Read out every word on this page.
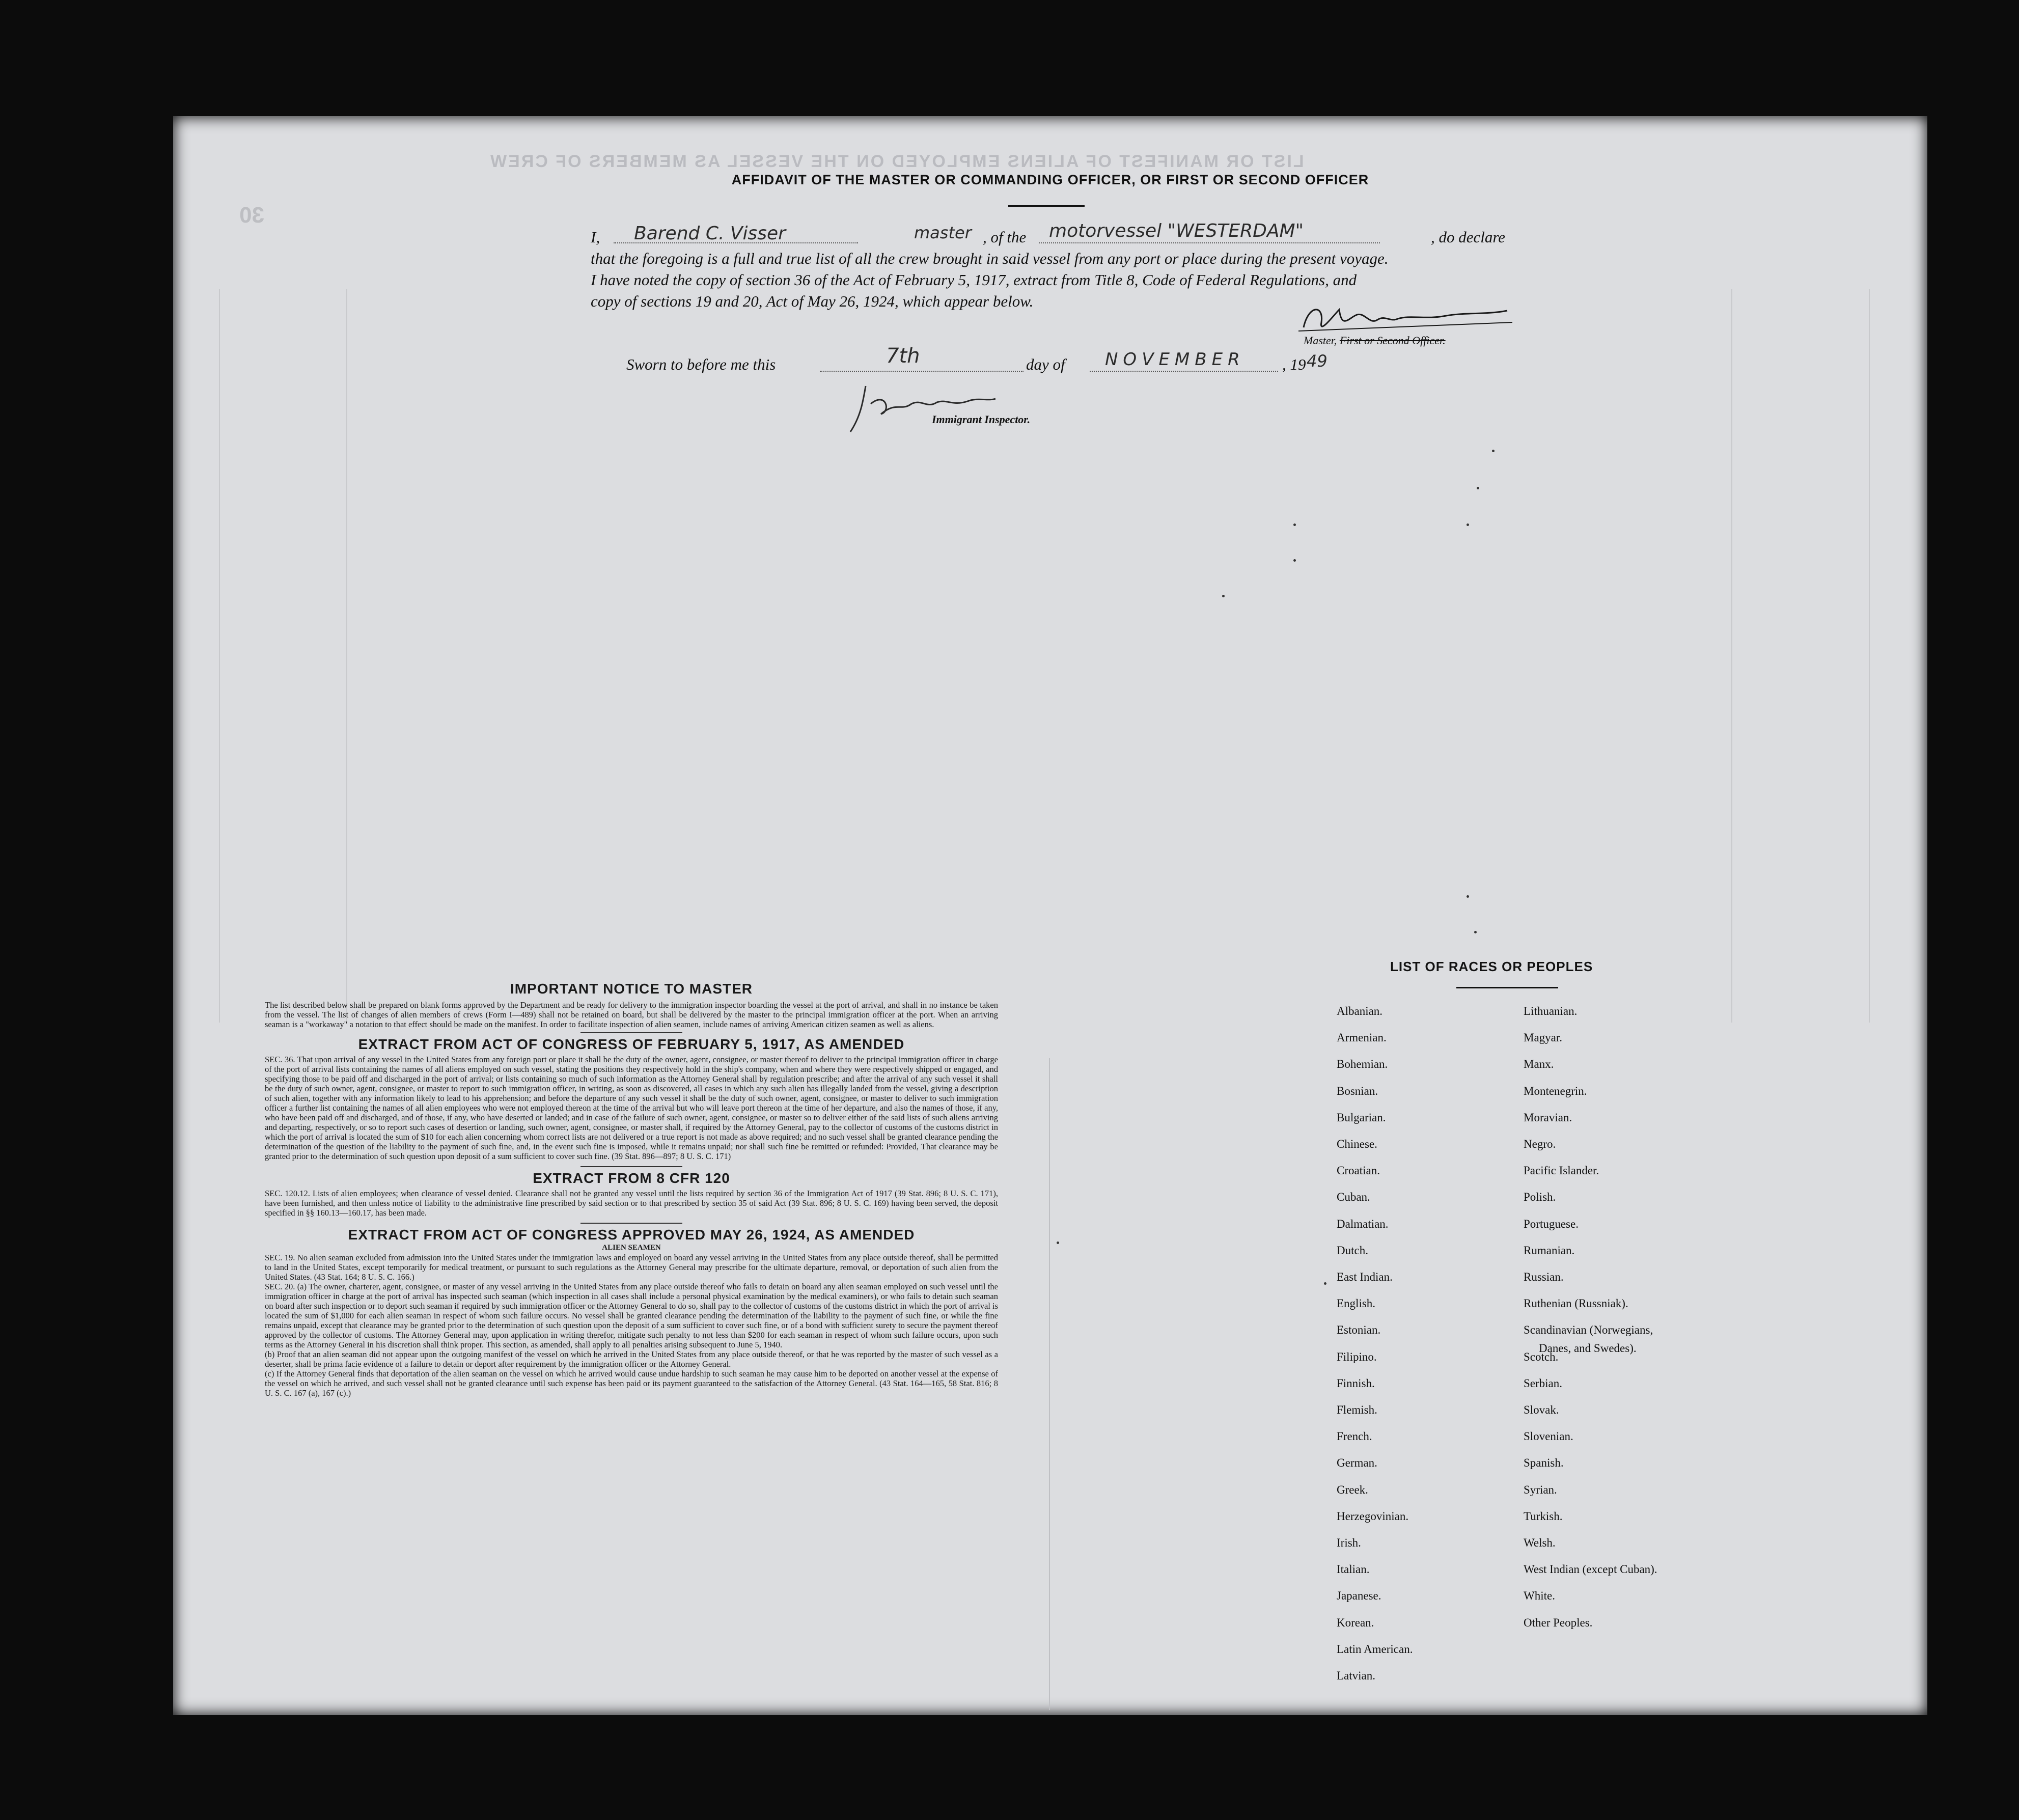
LIST OR MANIFEST OF ALIENS EMPLOYED ON THE VESSEL AS MEMBERS OF CREW
30
AFFIDAVIT OF THE MASTER OR COMMANDING OFFICER, OR FIRST OR SECOND OFFICER
I, Barend C. Visser	master , of the motorvessel "WESTERDAM"	, do declare
that the foregoing is a full and true list of all the crew brought in said vessel from any port or place during the present voyage.
I have noted the copy of section 36 of the Act of February 5, 1917, extract from Title 8, Code of Federal Regulations, and
copy of sections 19 and 20, Act of May 26, 1924, which appear below.
Master, First or Second Officer.
Sworn to before me this	7th	day of NOVEMBER , 19 49
Immigrant Inspector.

IMPORTANT NOTICE TO MASTER

The list described below shall be prepared on blank forms approved by the Department and be ready for delivery to the immigration inspector boarding the vessel at the port of arrival, and shall in no instance be taken from the vessel. The list of changes of alien members of crews (Form I—489) shall not be retained on board, but shall be delivered by the master to the principal immigration officer at the port. When an arriving seaman is a "workaway" a notation to that effect should be made on the manifest. In order to facilitate inspection of alien seamen, include names of arriving American citizen seamen as well as aliens.

EXTRACT FROM ACT OF CONGRESS OF FEBRUARY 5, 1917, AS AMENDED

SEC. 36. That upon arrival of any vessel in the United States from any foreign port or place it shall be the duty of the owner, agent, consignee, or master thereof to deliver to the principal immigration officer in charge of the port of arrival lists containing the names of all aliens employed on such vessel, stating the positions they respectively hold in the ship's company, when and where they were respectively shipped or engaged, and specifying those to be paid off and discharged in the port of arrival; or lists containing so much of such information as the Attorney General shall by regulation prescribe; and after the arrival of any such vessel it shall be the duty of such owner, agent, consignee, or master to report to such immigration officer, in writing, as soon as discovered, all cases in which any such alien has illegally landed from the vessel, giving a description of such alien, together with any information likely to lead to his apprehension; and before the departure of any such vessel it shall be the duty of such owner, agent, consignee, or master to deliver to such immigration officer a further list containing the names of all alien employees who were not employed thereon at the time of the arrival but who will leave port thereon at the time of her departure, and also the names of those, if any, who have been paid off and discharged, and of those, if any, who have deserted or landed; and in case of the failure of such owner, agent, consignee, or master so to deliver either of the said lists of such aliens arriving and departing, respectively, or so to report such cases of desertion or landing, such owner, agent, consignee, or master shall, if required by the Attorney General, pay to the collector of customs of the customs district in which the port of arrival is located the sum of $10 for each alien concerning whom correct lists are not delivered or a true report is not made as above required; and no such vessel shall be granted clearance pending the determination of the question of the liability to the payment of such fine, and, in the event such fine is imposed, while it remains unpaid; nor shall such fine be remitted or refunded: Provided, That clearance may be granted prior to the determination of such question upon deposit of a sum sufficient to cover such fine. (39 Stat. 896—897; 8 U. S. C. 171)

EXTRACT FROM 8 CFR 120

SEC. 120.12. Lists of alien employees; when clearance of vessel denied. Clearance shall not be granted any vessel until the lists required by section 36 of the Immigration Act of 1917 (39 Stat. 896; 8 U. S. C. 171), have been furnished, and then unless notice of liability to the administrative fine prescribed by said section or to that prescribed by section 35 of said Act (39 Stat. 896; 8 U. S. C. 169) having been served, the deposit specified in §§ 160.13—160.17, has been made.

EXTRACT FROM ACT OF CONGRESS APPROVED MAY 26, 1924, AS AMENDED

ALIEN SEAMEN

SEC. 19. No alien seaman excluded from admission into the United States under the immigration laws and employed on board any vessel arriving in the United States from any place outside thereof, shall be permitted to land in the United States, except temporarily for medical treatment, or pursuant to such regulations as the Attorney General may prescribe for the ultimate departure, removal, or deportation of such alien from the United States. (43 Stat. 164; 8 U. S. C. 166.)

SEC. 20. (a) The owner, charterer, agent, consignee, or master of any vessel arriving in the United States from any place outside thereof who fails to detain on board any alien seaman employed on such vessel until the immigration officer in charge at the port of arrival has inspected such seaman (which inspection in all cases shall include a personal physical examination by the medical examiners), or who fails to detain such seaman on board after such inspection or to deport such seaman if required by such immigration officer or the Attorney General to do so, shall pay to the collector of customs of the customs district in which the port of arrival is located the sum of $1,000 for each alien seaman in respect of whom such failure occurs. No vessel shall be granted clearance pending the determination of the liability to the payment of such fine, or while the fine remains unpaid, except that clearance may be granted prior to the determination of such question upon the deposit of a sum sufficient to cover such fine, or of a bond with sufficient surety to secure the payment thereof approved by the collector of customs. The Attorney General may, upon application in writing therefor, mitigate such penalty to not less than $200 for each seaman in respect of whom such failure occurs, upon such terms as the Attorney General in his discretion shall think proper. This section, as amended, shall apply to all penalties arising subsequent to June 5, 1940.

(b) Proof that an alien seaman did not appear upon the outgoing manifest of the vessel on which he arrived in the United States from any place outside thereof, or that he was reported by the master of such vessel as a deserter, shall be prima facie evidence of a failure to detain or deport after requirement by the immigration officer or the Attorney General.

(c) If the Attorney General finds that deportation of the alien seaman on the vessel on which he arrived would cause undue hardship to such seaman he may cause him to be deported on another vessel at the expense of the vessel on which he arrived, and such vessel shall not be granted clearance until such expense has been paid or its payment guaranteed to the satisfaction of the Attorney General. (43 Stat. 164—165, 58 Stat. 816; 8 U. S. C. 167 (a), 167 (c).)

LIST OF RACES OR PEOPLES
Albanian.
Armenian.
Bohemian.
Bosnian.
Bulgarian.
Chinese.
Croatian.
Cuban.
Dalmatian.
Dutch.
East Indian.
English.
Estonian.
Filipino.
Finnish.
Flemish.
French.
German.
Greek.
Herzegovinian.
Irish.
Italian.
Japanese.
Korean.
Latin American.
Latvian.
Lithuanian.
Magyar.
Manx.
Montenegrin.
Moravian.
Negro.
Pacific Islander.
Polish.
Portuguese.
Rumanian.
Russian.
Ruthenian (Russniak).
Scandinavian (Norwegians,
Danes, and Swedes).
Scotch.
Serbian.
Slovak.
Slovenian.
Spanish.
Syrian.
Turkish.
Welsh.
West Indian (except Cuban).
White.
Other Peoples.
